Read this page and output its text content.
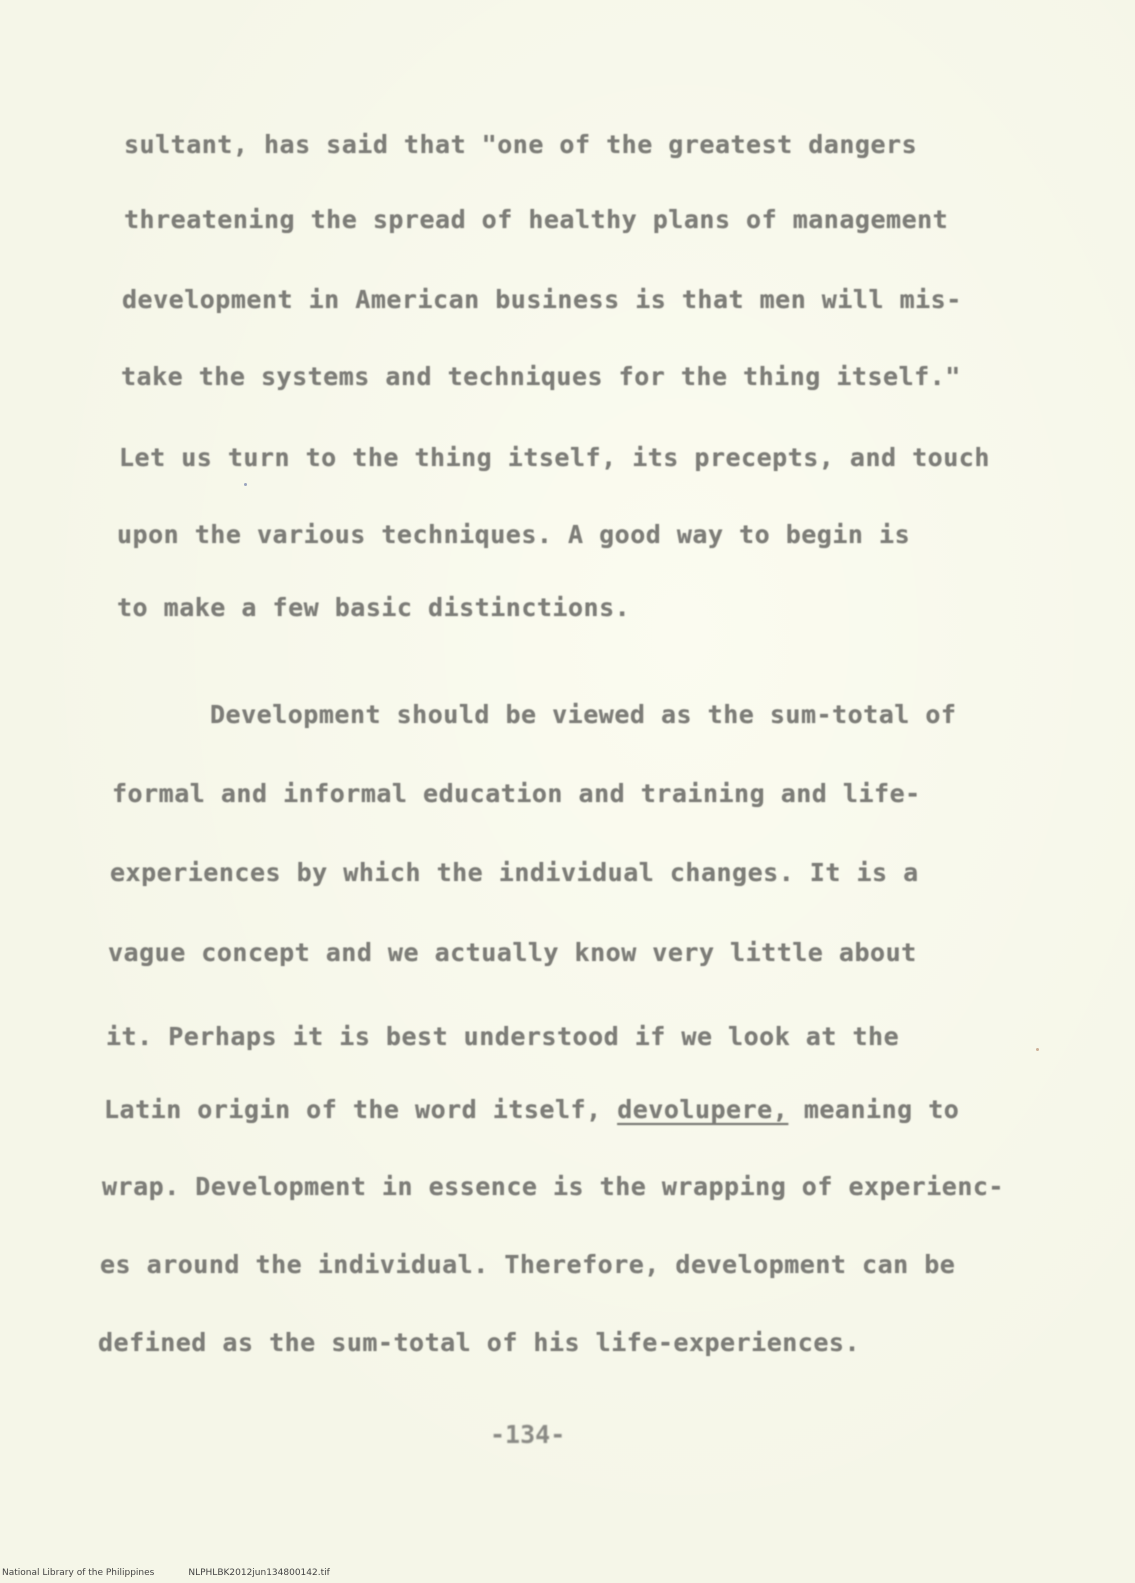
sultant, has said that "one of the greatest dangers
threatening the spread of healthy plans of management
development in American business is that men will mis-
take the systems and techniques for the thing itself."
Let us turn to the thing itself, its precepts, and touch
upon the various techniques. A good way to begin is
to make a few basic distinctions.
Development should be viewed as the sum-total of
formal and informal education and training and life-
experiences by which the individual changes. It is a
vague concept and we actually know very little about
it. Perhaps it is best understood if we look at the
Latin origin of the word itself, devolupere, meaning to
wrap. Development in essence is the wrapping of experienc-
es around the individual. Therefore, development can be
defined as the sum-total of his life-experiences.
-134-
National Library of the Philippines	NLPHLBK2012jun134800142.tif
